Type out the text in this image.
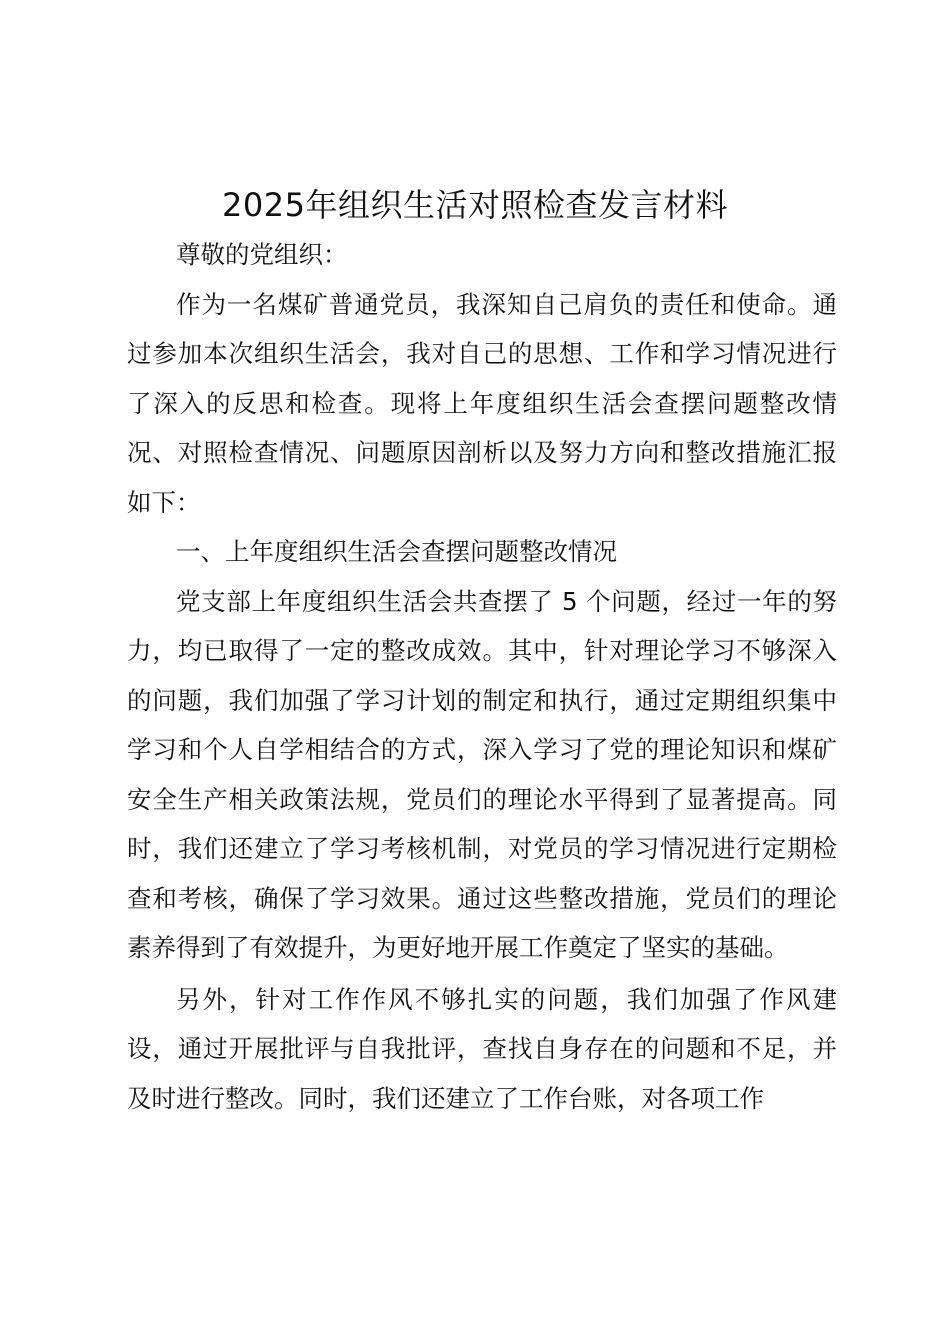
2025年组织生活对照检查发言材料

尊敬的党组织：

作为一名煤矿普通党员，我深知自己肩负的责任和使命。通过参加本次组织生活会，我对自己的思想、工作和学习情况进行了深入的反思和检查。现将上年度组织生活会查摆问题整改情况、对照检查情况、问题原因剖析以及努力方向和整改措施汇报如下：

一、上年度组织生活会查摆问题整改情况

党支部上年度组织生活会共查摆了 5 个问题，经过一年的努力，均已取得了一定的整改成效。其中，针对理论学习不够深入的问题，我们加强了学习计划的制定和执行，通过定期组织集中学习和个人自学相结合的方式，深入学习了党的理论知识和煤矿安全生产相关政策法规，党员们的理论水平得到了显著提高。同时，我们还建立了学习考核机制，对党员的学习情况进行定期检查和考核，确保了学习效果。通过这些整改措施，党员们的理论素养得到了有效提升，为更好地开展工作奠定了坚实的基础。

另外，针对工作作风不够扎实的问题，我们加强了作风建设，通过开展批评与自我批评，查找自身存在的问题和不足，并及时进行整改。同时，我们还建立了工作台账，对各项工作
